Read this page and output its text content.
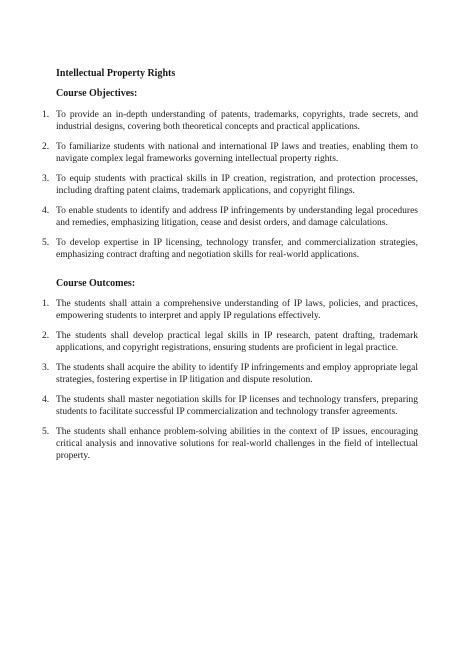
Intellectual Property Rights

Course Objectives:

1. To provide an in-depth understanding of patents, trademarks, copyrights, trade secrets, and industrial designs, covering both theoretical concepts and practical applications.
2. To familiarize students with national and international IP laws and treaties, enabling them to navigate complex legal frameworks governing intellectual property rights.
3. To equip students with practical skills in IP creation, registration, and protection processes, including drafting patent claims, trademark applications, and copyright filings.
4. To enable students to identify and address IP infringements by understanding legal procedures and remedies, emphasizing litigation, cease and desist orders, and damage calculations.
5. To develop expertise in IP licensing, technology transfer, and commercialization strategies, emphasizing contract drafting and negotiation skills for real-world applications.

Course Outcomes:

1. The students shall attain a comprehensive understanding of IP laws, policies, and practices, empowering students to interpret and apply IP regulations effectively.
2. The students shall develop practical legal skills in IP research, patent drafting, trademark applications, and copyright registrations, ensuring students are proficient in legal practice.
3. The students shall acquire the ability to identify IP infringements and employ appropriate legal strategies, fostering expertise in IP litigation and dispute resolution.
4. The students shall master negotiation skills for IP licenses and technology transfers, preparing students to facilitate successful IP commercialization and technology transfer agreements.
5. The students shall enhance problem-solving abilities in the context of IP issues, encouraging critical analysis and innovative solutions for real-world challenges in the field of intellectual property.
